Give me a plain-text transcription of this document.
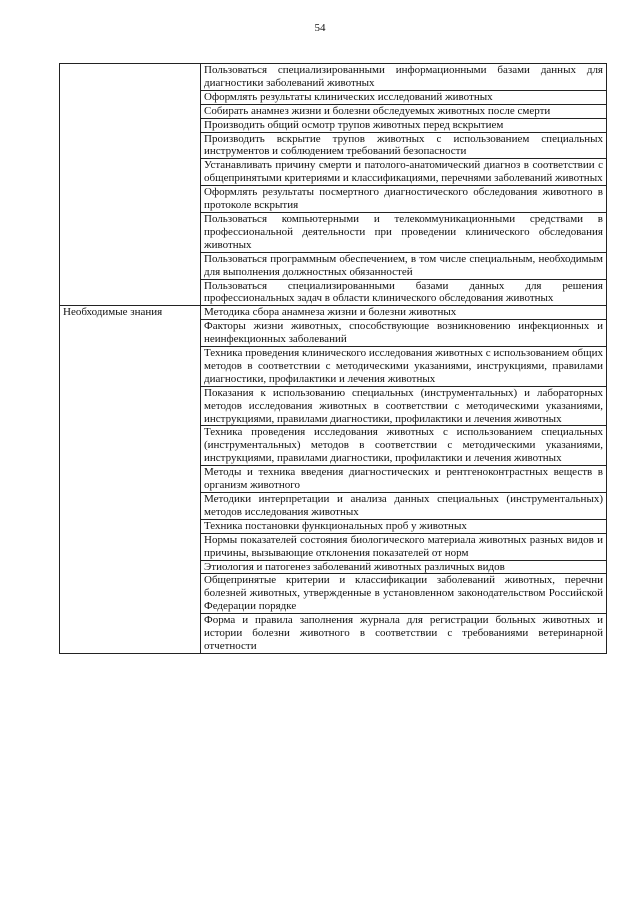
54
	Пользоваться специализированными информационными базами данных для диагностики заболеваний животных
	Оформлять результаты клинических исследований животных
	Собирать анамнез жизни и болезни обследуемых животных после смерти
	Производить общий осмотр трупов животных перед вскрытием
	Производить вскрытие трупов животных с использованием специальных инструментов и соблюдением требований безопасности
	Устанавливать причину смерти и патолого-анатомический диагноз в соответствии с общепринятыми критериями и классификациями, перечнями заболеваний животных
	Оформлять результаты посмертного диагностического обследования животного в протоколе вскрытия
	Пользоваться компьютерными и телекоммуникационными средствами в профессиональной деятельности при проведении клинического обследования животных
	Пользоваться программным обеспечением, в том числе специальным, необходимым для выполнения должностных обязанностей
	Пользоваться специализированными базами данных для решения профессиональных задач в области клинического обследования животных
Необходимые знания	Методика сбора анамнеза жизни и болезни животных
	Факторы жизни животных, способствующие возникновению инфекционных и неинфекционных заболеваний
	Техника проведения клинического исследования животных с использованием общих методов в соответствии с методическими указаниями, инструкциями, правилами диагностики, профилактики и лечения животных
	Показания к использованию специальных (инструментальных) и лабораторных методов исследования животных в соответствии с методическими указаниями, инструкциями, правилами диагностики, профилактики и лечения животных
	Техника проведения исследования животных с использованием специальных (инструментальных) методов в соответствии с методическими указаниями, инструкциями, правилами диагностики, профилактики и лечения животных
	Методы и техника введения диагностических и рентгеноконтрастных веществ в организм животного
	Методики интерпретации и анализа данных специальных (инструментальных) методов исследования животных
	Техника постановки функциональных проб у животных
	Нормы показателей состояния биологического материала животных разных видов и причины, вызывающие отклонения показателей от норм
	Этиология и патогенез заболеваний животных различных видов
	Общепринятые критерии и классификации заболеваний животных, перечни болезней животных, утвержденные в установленном законодательством Российской Федерации порядке
	Форма и правила заполнения журнала для регистрации больных животных и истории болезни животного в соответствии с требованиями ветеринарной отчетности
